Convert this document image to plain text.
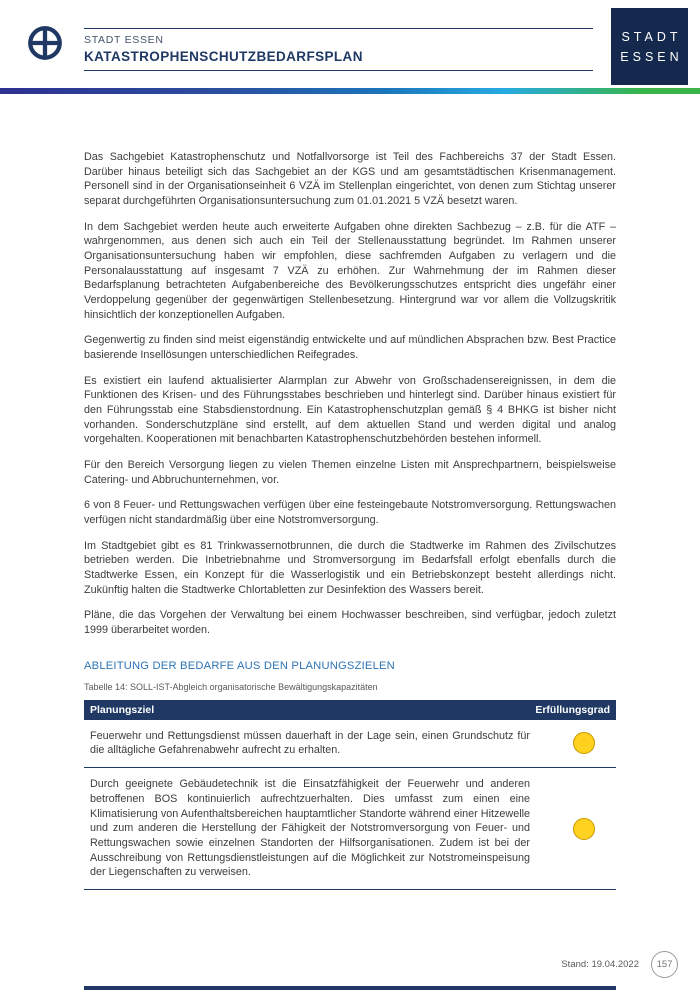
STADT ESSEN
KATASTROPHENSCHUTZBEDARFSPLAN
STADT
ESSEN

Das Sachgebiet Katastrophenschutz und Notfallvorsorge ist Teil des Fachbereichs 37 der Stadt Essen. Darüber hinaus beteiligt sich das Sachgebiet an der KGS und am gesamtstädtischen Krisenmanagement. Personell sind in der Organisationseinheit 6 VZÄ im Stellenplan eingerichtet, von denen zum Stichtag unserer separat durchgeführten Organisationsuntersuchung zum 01.01.2021 5 VZÄ besetzt waren.

In dem Sachgebiet werden heute auch erweiterte Aufgaben ohne direkten Sachbezug – z.B. für die ATF – wahrgenommen, aus denen sich auch ein Teil der Stellenausstattung begründet. Im Rahmen unserer Organisationsuntersuchung haben wir empfohlen, diese sachfremden Aufgaben zu verlagern und die Personalausstattung auf insgesamt 7 VZÄ zu erhöhen. Zur Wahrnehmung der im Rahmen dieser Bedarfsplanung betrachteten Aufgabenbereiche des Bevölkerungsschutzes entspricht dies ungefähr einer Verdoppelung gegenüber der gegenwärtigen Stellenbesetzung. Hintergrund war vor allem die Vollzugskritik hinsichtlich der konzeptionellen Aufgaben.

Gegenwertig zu finden sind meist eigenständig entwickelte und auf mündlichen Absprachen bzw. Best Practice basierende Insellösungen unterschiedlichen Reifegrades.

Es existiert ein laufend aktualisierter Alarmplan zur Abwehr von Großschadensereignissen, in dem die Funktionen des Krisen- und des Führungsstabes beschrieben und hinterlegt sind. Darüber hinaus existiert für den Führungsstab eine Stabsdienstordnung. Ein Katastrophenschutzplan gemäß § 4 BHKG ist bisher nicht vorhanden. Sonderschutzpläne sind erstellt, auf dem aktuellen Stand und werden digital und analog vorgehalten. Kooperationen mit benachbarten Katastrophenschutzbehörden bestehen informell.

Für den Bereich Versorgung liegen zu vielen Themen einzelne Listen mit Ansprechpartnern, beispielsweise Catering- und Abbruchunternehmen, vor.

6 von 8 Feuer- und Rettungswachen verfügen über eine festeingebaute Notstromversorgung. Rettungswachen verfügen nicht standardmäßig über eine Notstromversorgung.

Im Stadtgebiet gibt es 81 Trinkwassernotbrunnen, die durch die Stadtwerke im Rahmen des Zivilschutzes betrieben werden. Die Inbetriebnahme und Stromversorgung im Bedarfsfall erfolgt ebenfalls durch die Stadtwerke Essen, ein Konzept für die Wasserlogistik und ein Betriebskonzept besteht allerdings nicht. Zukünftig halten die Stadtwerke Chlortabletten zur Desinfektion des Wassers bereit.

Pläne, die das Vorgehen der Verwaltung bei einem Hochwasser beschreiben, sind verfügbar, jedoch zuletzt 1999 überarbeitet worden.

ABLEITUNG DER BEDARFE AUS DEN PLANUNGSZIELEN
Tabelle 14: SOLL-IST-Abgleich organisatorische Bewältigungskapazitäten
Planungsziel	Erfüllungsgrad
Feuerwehr und Rettungsdienst müssen dauerhaft in der Lage sein, einen Grundschutz für die alltägliche Gefahrenabwehr aufrecht zu erhalten.
Durch geeignete Gebäudetechnik ist die Einsatzfähigkeit der Feuerwehr und anderen betroffenen BOS kontinuierlich aufrechtzuerhalten. Dies umfasst zum einen eine Klimatisierung von Aufenthaltsbereichen hauptamtlicher Standorte während einer Hitzewelle und zum anderen die Herstellung der Fähigkeit der Notstromversorgung von Feuer- und Rettungswachen sowie einzelnen Standorten der Hilfsorganisationen. Zudem ist bei der Ausschreibung von Rettungsdienstleistungen auf die Möglichkeit zur Notstromeinspeisung der Liegenschaften zu verweisen.
Stand: 19.04.2022	157
